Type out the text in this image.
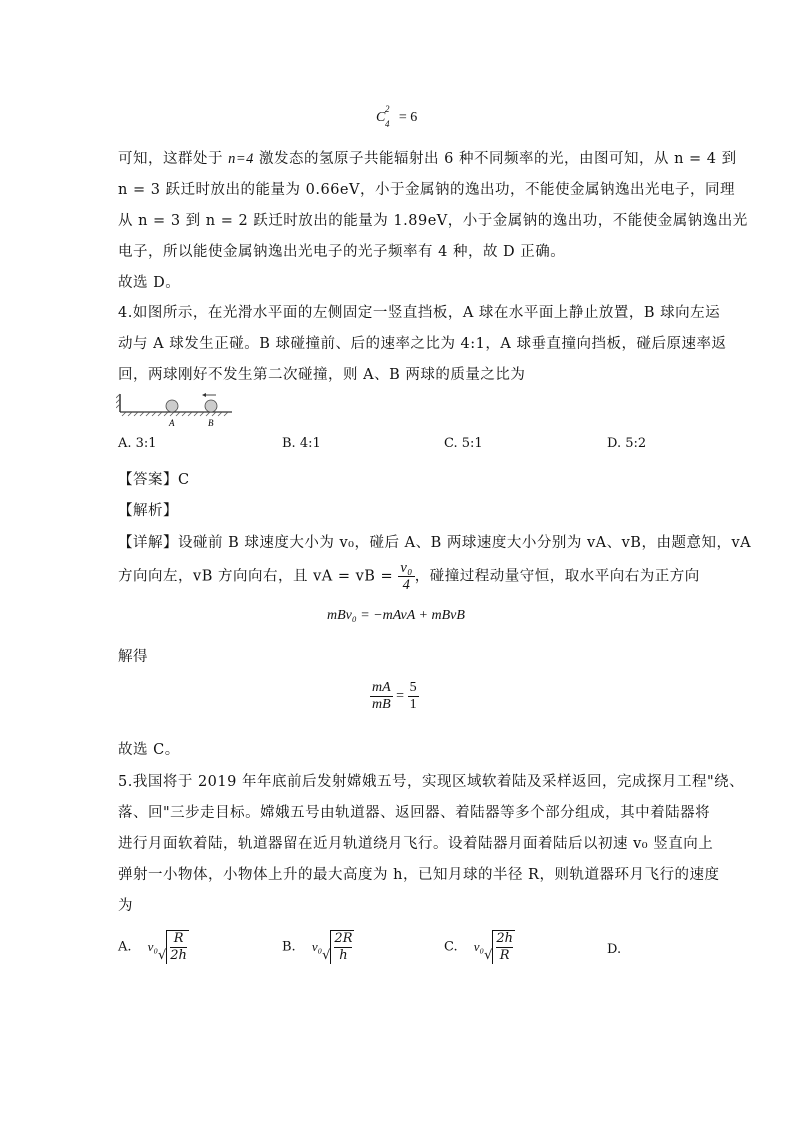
C 4
2
= 6
可知，这群处于 n=4 激发态的氢原子共能辐射出 6 种不同频率的光，由图可知，从 n = 4 到
n = 3 跃迁时放出的能量为 0.66eV，小于金属钠的逸出功，不能使金属钠逸出光电子，同理
从 n = 3 到 n = 2 跃迁时放出的能量为 1.89eV，小于金属钠的逸出功，不能使金属钠逸出光
电子，所以能使金属钠逸出光电子的光子频率有 4 种，故 D 正确。
故选 D。
4.如图所示，在光滑水平面的左侧固定一竖直挡板，A 球在水平面上静止放置，B 球向左运
动与 A 球发生正碰。B 球碰撞前、后的速率之比为 4:1，A 球垂直撞向挡板，碰后原速率返
回，两球刚好不发生第二次碰撞，则 A、B 两球的质量之比为
A	B
A. 3:1	B. 4:1	C. 5:1	D. 5:2
【答案】C
【解析】
【详解】设碰前 B 球速度大小为 v₀，碰后 A、B 两球速度大小分别为 vA、vB，由题意知，vA
方向向左，vB 方向向右，且 vA = vB = $\frac{\text{v₀}}{4}$ ，碰撞过程动量守恒，取水平向右为正方向
mBv₀ = −mAvA + mBvB
解得
$\frac{mA}{mB} = \frac{5}{1}$
故选 C。
5.我国将于 2019 年年底前后发射嫦娥五号，实现区域软着陆及采样返回，完成探月工程"绕、
落、回"三步走目标。嫦娥五号由轨道器、返回器、着陆器等多个部分组成，其中着陆器将
进行月面软着陆，轨道器留在近月轨道绕月飞行。设着陆器月面着陆后以初速 v₀ 竖直向上
弹射一小物体，小物体上升的最大高度为 h，已知月球的半径 R，则轨道器环月飞行的速度
为
A. $v_0√ \frac{R}{2h}$	B. $v_0√ \frac{2R}{h}$	C. $v_0√ \frac{2h}{R}$	D.
